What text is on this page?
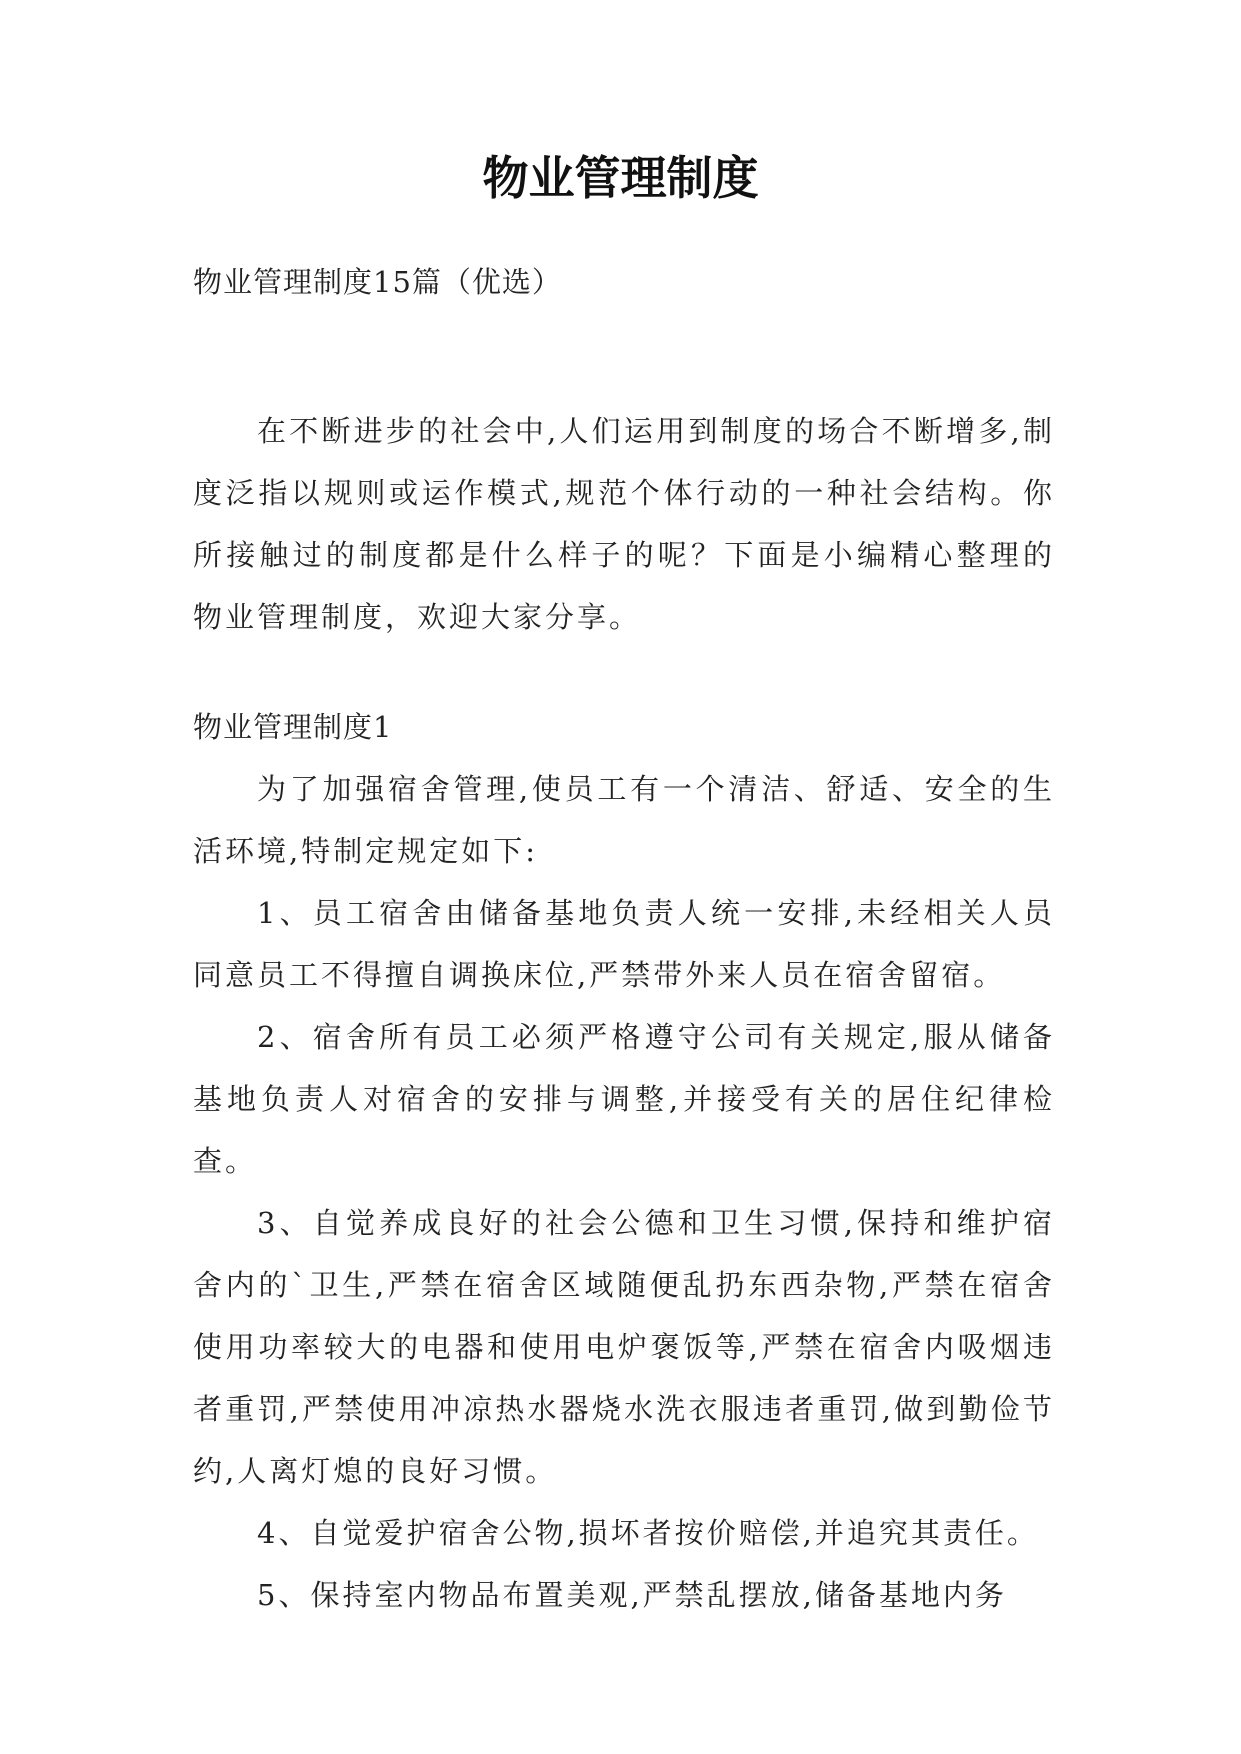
物业管理制度

物业管理制度15篇（优选）

在不断进步的社会中,人们运用到制度的场合不断增多,制度泛指以规则或运作模式,规范个体行动的一种社会结构。你所接触过的制度都是什么样子的呢？下面是小编精心整理的物业管理制度，欢迎大家分享。

物业管理制度1

为了加强宿舍管理,使员工有一个清洁、舒适、安全的生活环境,特制定规定如下:

1、员工宿舍由储备基地负责人统一安排,未经相关人员同意员工不得擅自调换床位,严禁带外来人员在宿舍留宿。

2、宿舍所有员工必须严格遵守公司有关规定,服从储备基地负责人对宿舍的安排与调整,并接受有关的居住纪律检查。

3、自觉养成良好的社会公德和卫生习惯,保持和维护宿舍内的`卫生,严禁在宿舍区域随便乱扔东西杂物,严禁在宿舍使用功率较大的电器和使用电炉褒饭等,严禁在宿舍内吸烟违者重罚,严禁使用冲凉热水器烧水洗衣服违者重罚,做到勤俭节约,人离灯熄的良好习惯。

4、自觉爱护宿舍公物,损坏者按价赔偿,并追究其责任。

5、保持室内物品布置美观,严禁乱摆放,储备基地内务
